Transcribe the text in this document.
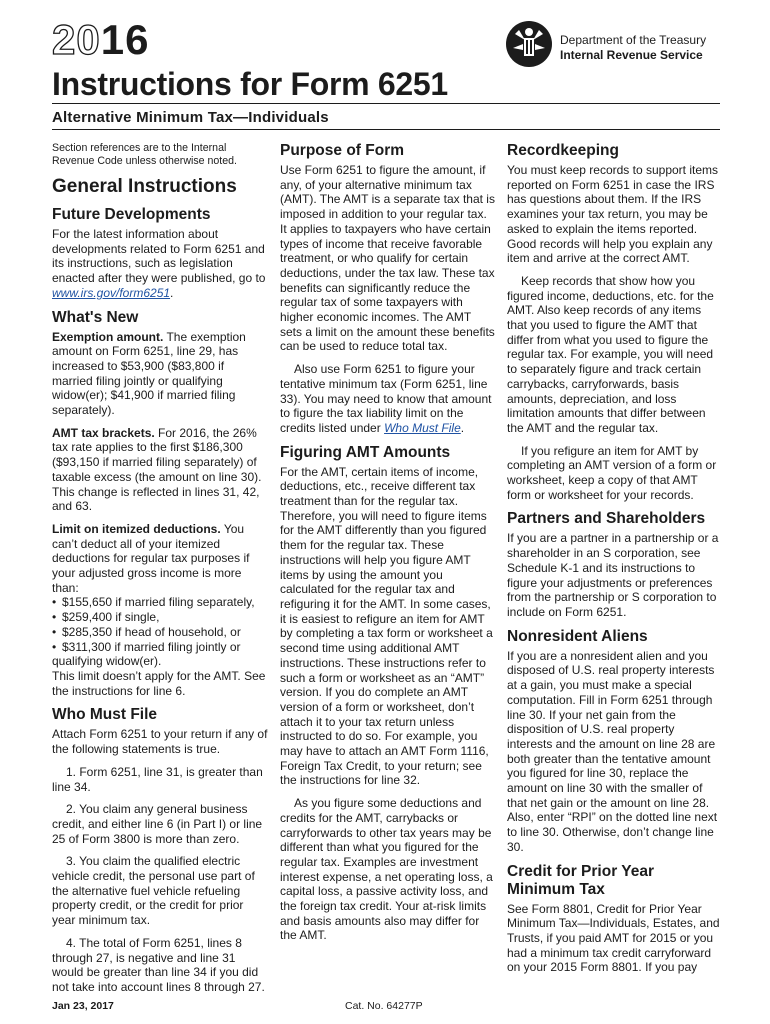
2016
Instructions for Form 6251
Alternative Minimum Tax—Individuals
Department of the Treasury
Internal Revenue Service

Section references are to the Internal Revenue Code unless otherwise noted.

General Instructions
Future Developments

For the latest information about developments related to Form 6251 and its instructions, such as legislation enacted after they were published, go to www.irs.gov/form6251.

What's New

Exemption amount. The exemption amount on Form 6251, line 29, has increased to $53,900 ($83,800 if married filing jointly or qualifying widow(er); $41,900 if married filing separately).

AMT tax brackets. For 2016, the 26% tax rate applies to the first $186,300 ($93,150 if married filing separately) of taxable excess (the amount on line 30). This change is reflected in lines 31, 42, and 63.

Limit on itemized deductions. You can’t deduct all of your itemized deductions for regular tax purposes if your adjusted gross income is more than:

• $155,650 if married filing separately,
• $259,400 if single,
• $285,350 if head of household, or
• $311,300 if married filing jointly or
qualifying widow(er).

This limit doesn’t apply for the AMT. See the instructions for line 6.

Who Must File

Attach Form 6251 to your return if any of the following statements is true.

1. Form 6251, line 31, is greater than line 34.

2. You claim any general business credit, and either line 6 (in Part I) or line 25 of Form 3800 is more than zero.

3. You claim the qualified electric vehicle credit, the personal use part of the alternative fuel vehicle refueling property credit, or the credit for prior year minimum tax.

4. The total of Form 6251, lines 8 through 27, is negative and line 31 would be greater than line 34 if you did not take into account lines 8 through 27.

Purpose of Form

Use Form 6251 to figure the amount, if any, of your alternative minimum tax (AMT). The AMT is a separate tax that is imposed in addition to your regular tax. It applies to taxpayers who have certain types of income that receive favorable treatment, or who qualify for certain deductions, under the tax law. These tax benefits can significantly reduce the regular tax of some taxpayers with higher economic incomes. The AMT sets a limit on the amount these benefits can be used to reduce total tax.

Also use Form 6251 to figure your tentative minimum tax (Form 6251, line 33). You may need to know that amount to figure the tax liability limit on the credits listed under Who Must File.

Figuring AMT Amounts

For the AMT, certain items of income, deductions, etc., receive different tax treatment than for the regular tax. Therefore, you will need to figure items for the AMT differently than you figured them for the regular tax. These instructions will help you figure AMT items by using the amount you calculated for the regular tax and refiguring it for the AMT. In some cases, it is easiest to refigure an item for AMT by completing a tax form or worksheet a second time using additional AMT instructions. These instructions refer to such a form or worksheet as an “AMT” version. If you do complete an AMT version of a form or worksheet, don’t attach it to your tax return unless instructed to do so. For example, you may have to attach an AMT Form 1116, Foreign Tax Credit, to your return; see the instructions for line 32.

As you figure some deductions and credits for the AMT, carrybacks or carryforwards to other tax years may be different than what you figured for the regular tax. Examples are investment interest expense, a net operating loss, a capital loss, a passive activity loss, and the foreign tax credit. Your at-risk limits and basis amounts also may differ for the AMT.

Recordkeeping

You must keep records to support items reported on Form 6251 in case the IRS has questions about them. If the IRS examines your tax return, you may be asked to explain the items reported. Good records will help you explain any item and arrive at the correct AMT.

Keep records that show how you figured income, deductions, etc. for the AMT. Also keep records of any items that you used to figure the AMT that differ from what you used to figure the regular tax. For example, you will need to separately figure and track certain carrybacks, carryforwards, basis amounts, depreciation, and loss limitation amounts that differ between the AMT and the regular tax.

If you refigure an item for AMT by completing an AMT version of a form or worksheet, keep a copy of that AMT form or worksheet for your records.

Partners and Shareholders

If you are a partner in a partnership or a shareholder in an S corporation, see Schedule K-1 and its instructions to figure your adjustments or preferences from the partnership or S corporation to include on Form 6251.

Nonresident Aliens

If you are a nonresident alien and you disposed of U.S. real property interests at a gain, you must make a special computation. Fill in Form 6251 through line 30. If your net gain from the disposition of U.S. real property interests and the amount on line 28 are both greater than the tentative amount you figured for line 30, replace the amount on line 30 with the smaller of that net gain or the amount on line 28. Also, enter “RPI” on the dotted line next to line 30. Otherwise, don’t change line 30.

Credit for Prior Year Minimum Tax

See Form 8801, Credit for Prior Year Minimum Tax—Individuals, Estates, and Trusts, if you paid AMT for 2015 or you had a minimum tax credit carryforward on your 2015 Form 8801. If you pay

Jan 23, 2017	Cat. No. 64277P
